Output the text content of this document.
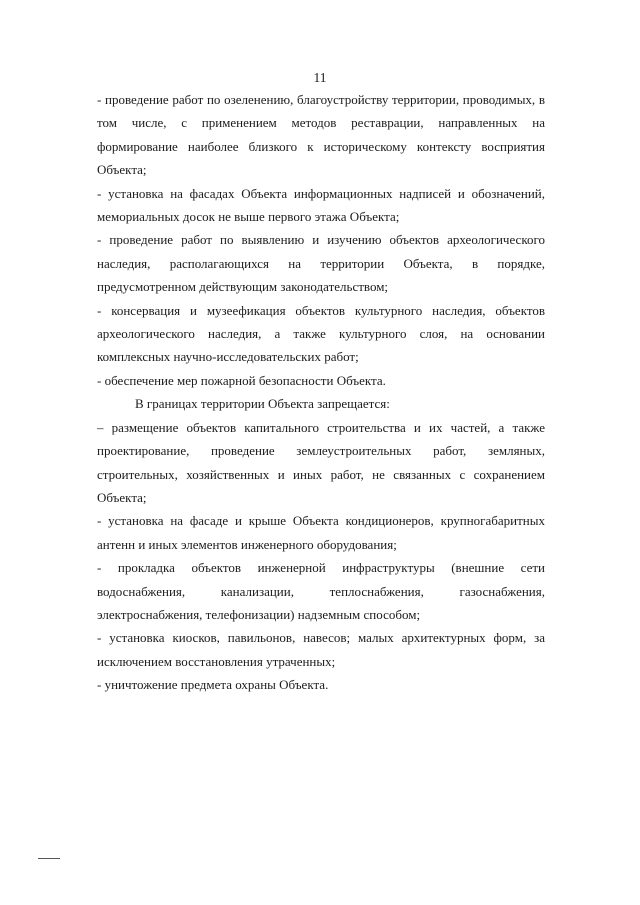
11

- проведение работ по озеленению, благоустройству территории, проводимых, в том числе, с применением методов реставрации, направленных на формирование наиболее близкого к историческому контексту восприятия Объекта;

- установка на фасадах Объекта информационных надписей и обозначений, мемориальных досок не выше первого этажа Объекта;

- проведение работ по выявлению и изучению объектов археологического наследия, располагающихся на территории Объекта, в порядке, предусмотренном действующим законодательством;

- консервация и музеефикация объектов культурного наследия, объектов археологического наследия, а также культурного слоя, на основании комплексных научно-исследовательских работ;

- обеспечение мер пожарной безопасности Объекта.

В границах территории Объекта запрещается:

– размещение объектов капитального строительства и их частей, а также проектирование, проведение землеустроительных работ, земляных, строительных, хозяйственных и иных работ, не связанных с сохранением Объекта;

- установка на фасаде и крыше Объекта кондиционеров, крупногабаритных антенн и иных элементов инженерного оборудования;

- прокладка объектов инженерной инфраструктуры (внешние сети водоснабжения, канализации, теплоснабжения, газоснабжения, электроснабжения, телефонизации) надземным способом;

- установка киосков, павильонов, навесов; малых архитектурных форм, за исключением восстановления утраченных;

- уничтожение предмета охраны Объекта.
